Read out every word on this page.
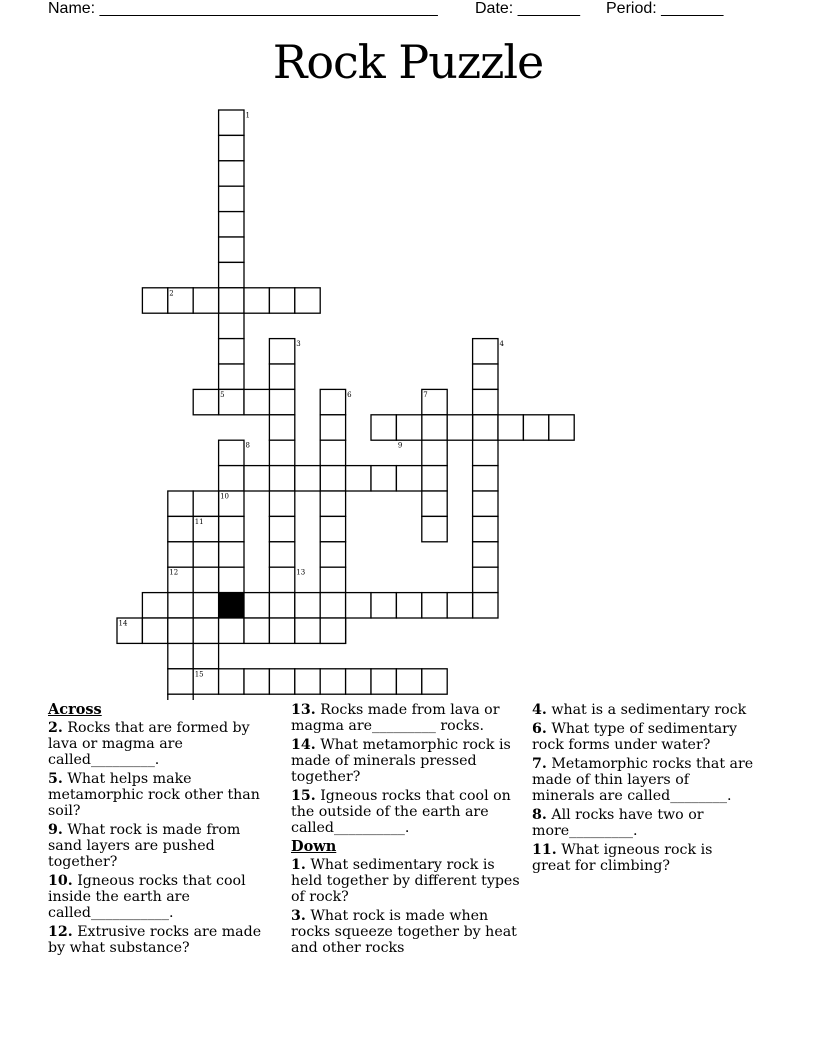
Name: ______________________________________ Date: _______ Period: _______
Rock Puzzle
1
2
3	4
5	6	7
8	9
10
11
12	13
14
15
Across
2. Rocks that are formed by lava or magma are called_________.
5. What helps make metamorphic rock other than soil?
9. What rock is made from sand layers are pushed together?
10. Igneous rocks that cool inside the earth are called___________.
12. Extrusive rocks are made by what substance?
13. Rocks made from lava or magma are_________ rocks.
14. What metamorphic rock is made of minerals pressed together?
15. Igneous rocks that cool on the outside of the earth are called__________.
Down
1. What sedimentary rock is held together by different types of rock?
3. What rock is made when rocks squeeze together by heat and other rocks
4. what is a sedimentary rock
6. What type of sedimentary rock forms under water?
7. Metamorphic rocks that are made of thin layers of minerals are called________.
8. All rocks have two or more_________.
11. What igneous rock is great for climbing?
